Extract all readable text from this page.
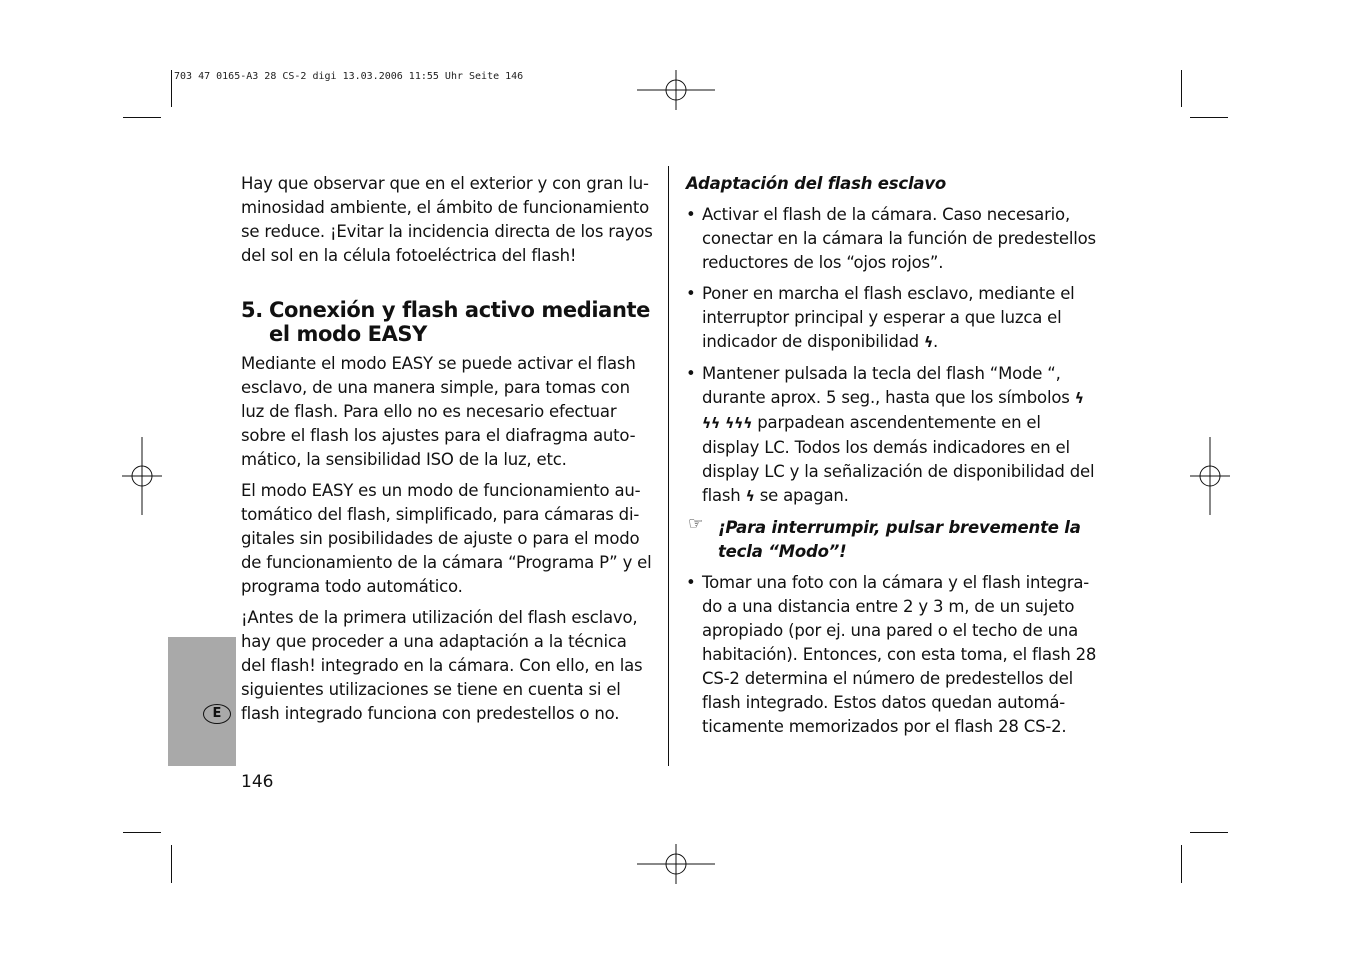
703 47 0165-A3 28 CS-2 digi 13.03.2006 11:55 Uhr Seite 146
E

Hay que observar que en el exterior y con gran lu-minosidad ambiente, el ámbito de funcionamiento se reduce. ¡Evitar la incidencia directa de los rayos del sol en la célula fotoeléctrica del flash!

5. Conexión y flash activo mediante
el modo EASY

Mediante el modo EASY se puede activar el flash esclavo, de una manera simple, para tomas con luz de flash. Para ello no es necesario efectuar sobre el flash los ajustes para el diafragma auto-mático, la sensibilidad ISO de la luz, etc.

El modo EASY es un modo de funcionamiento au-tomático del flash, simplificado, para cámaras di-gitales sin posibilidades de ajuste o para el modo de funcionamiento de la cámara “Programa P” y el programa todo automático.

¡Antes de la primera utilización del flash esclavo, hay que proceder a una adaptación a la técnica del flash! integrado en la cámara. Con ello, en las siguientes utilizaciones se tiene en cuenta si el flash integrado funciona con predestellos o no.

Adaptación del flash esclavo

• Activar el flash de la cámara. Caso necesario, conectar en la cámara la función de predestellos reductores de los “ojos rojos”.
• Poner en marcha el flash esclavo, mediante el interruptor principal y esperar a que luzca el indicador de disponibilidad ϟ.
• Mantener pulsada la tecla del flash “Mode “, durante aprox. 5 seg., hasta que los símbolos ϟ ϟϟ ϟϟϟ parpadean ascendentemente en el display LC. Todos los demás indicadores en el display LC y la señalización de disponibilidad del flash ϟ se apagan.

☞ ¡Para interrumpir, pulsar brevemente la tecla “Modo”!

• Tomar una foto con la cámara y el flash integra-do a una distancia entre 2 y 3 m, de un sujeto apropiado (por ej. una pared o el techo de una habitación). Entonces, con esta toma, el flash 28 CS-2 determina el número de predestellos del flash integrado. Estos datos quedan automá-ticamente memorizados por el flash 28 CS-2.
146
